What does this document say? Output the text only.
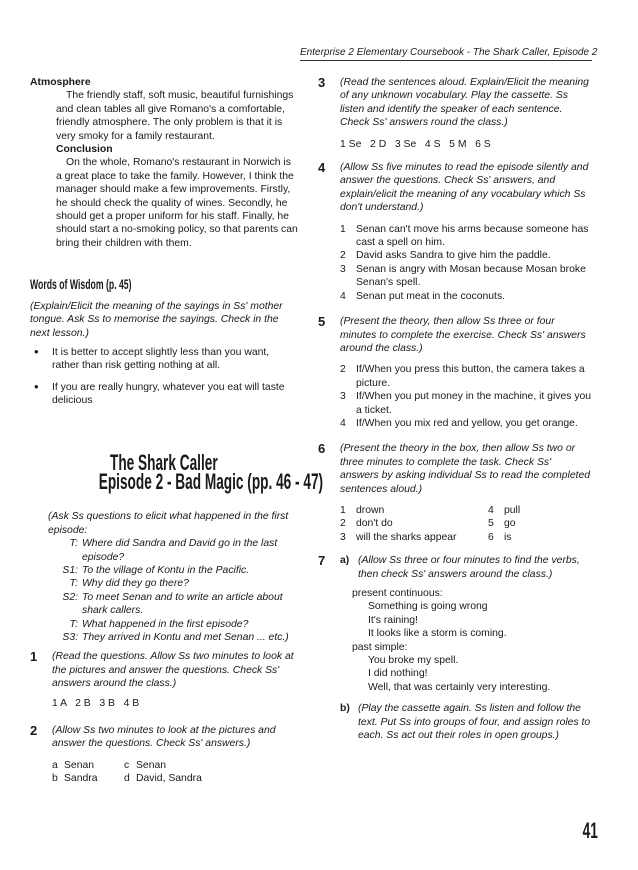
Enterprise 2 Elementary Coursebook - The Shark Caller, Episode 2

Atmosphere

The friendly staff, soft music, beautiful furnishings and clean tables all give Romano's a comfortable, friendly atmosphere. The only problem is that it is very smoky for a family restaurant.

Conclusion

On the whole, Romano's restaurant in Norwich is a great place to take the family. However, I think the manager should make a few improvements. Firstly, he should check the quality of wines. Secondly, he should get a proper uniform for his staff. Finally, he should start a no-smoking policy, so that parents can bring their children with them.

Words of Wisdom (p. 45)

(Explain/Elicit the meaning of the sayings in Ss' mother tongue. Ask Ss to memorise the sayings. Check in the next lesson.)

• It is better to accept slightly less than you want, rather than risk getting nothing at all.
• If you are really hungry, whatever you eat will taste delicious
The Shark Caller
Episode 2 - Bad Magic (pp. 46 - 47)

(Ask Ss questions to elicit what happened in the first episode:

T: Where did Sandra and David go in the last episode?
S1: To the village of Kontu in the Pacific.
T: Why did they go there?
S2: To meet Senan and to write an article about shark callers.
T: What happened in the first episode?
S3: They arrived in Kontu and met Senan ... etc.)
1 (Read the questions. Allow Ss two minutes to look at the pictures and answer the questions. Check Ss' answers around the class.)

1 A   2 B   3 B   4 B

2 (Allow Ss two minutes to look at the pictures and answer the questions. Check Ss' answers.)

a Senan	c Senan
b Sandra	d David, Sandra
3 (Read the sentences aloud. Explain/Elicit the meaning of any unknown vocabulary. Play the cassette. Ss listen and identify the speaker of each sentence. Check Ss' answers round the class.)

1 Se   2 D   3 Se   4 S   5 M   6 S

4 (Allow Ss five minutes to read the episode silently and answer the questions. Check Ss' answers, and explain/elicit the meaning of any vocabulary which Ss don't understand.)

1 Senan can't move his arms because someone has cast a spell on him.
2 David asks Sandra to give him the paddle.
3 Senan is angry with Mosan because Mosan broke Senan's spell.
4 Senan put meat in the coconuts.
5 (Present the theory, then allow Ss three or four minutes to complete the exercise. Check Ss' answers around the class.)

2 If/When you press this button, the camera takes a picture.
3 If/When you put money in the machine, it gives you a ticket.
4 If/When you mix red and yellow, you get orange.
6 (Present the theory in the box, then allow Ss two or three minutes to complete the task. Check Ss' answers by asking individual Ss to read the completed sentences aloud.)

1 drown	4 pull
2 don't do	5 go
3 will the sharks appear	6 is
7 a) (Allow Ss three or four minutes to find the verbs, then check Ss' answers around the class.)

present continuous:

Something is going wrong

It's raining!

It looks like a storm is coming.

past simple:

You broke my spell.

I did nothing!

Well, that was certainly very interesting.

b) (Play the cassette again. Ss listen and follow the text. Put Ss into groups of four, and assign roles to each. Ss act out their roles in open groups.)

41
